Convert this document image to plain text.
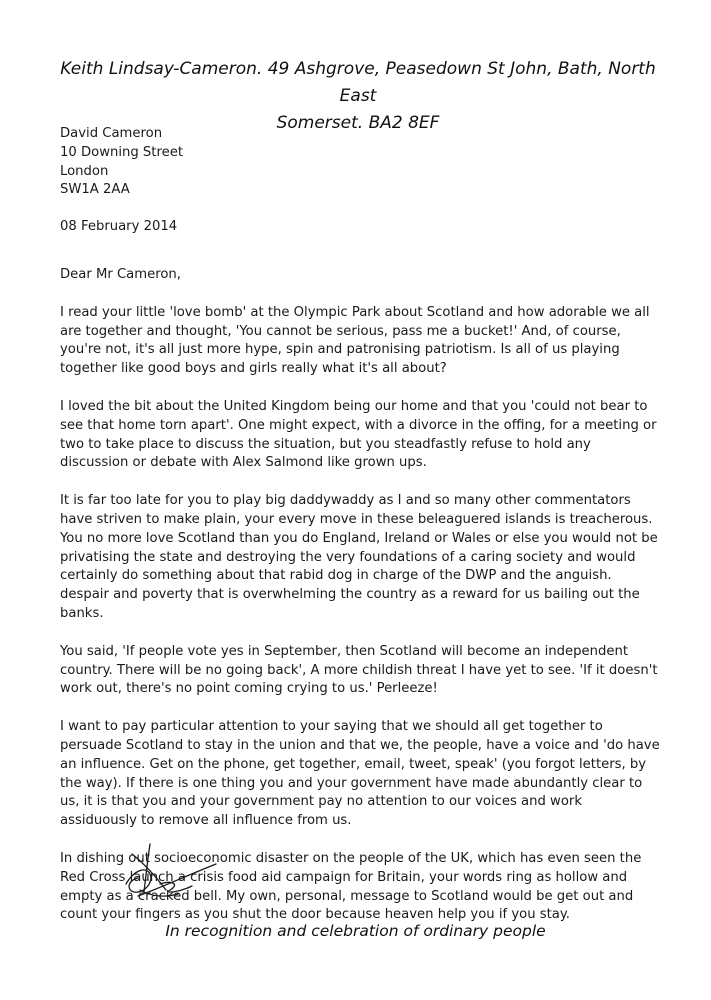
Keith Lindsay-Cameron. 49 Ashgrove, Peasedown St John, Bath, North East
Somerset. BA2 8EF

David Cameron
10 Downing Street
London
SW1A 2AA

08 February 2014

Dear Mr Cameron,

I read your little 'love bomb' at the Olympic Park about Scotland and how adorable we all are together and thought, 'You cannot be serious, pass me a bucket!' And, of course, you're not, it's all just more hype, spin and patronising patriotism. Is all of us playing together like good boys and girls really what it's all about?

I loved the bit about the United Kingdom being our home and that you 'could not bear to see that home torn apart'. One might expect, with a divorce in the offing, for a meeting or two to take place to discuss the situation, but you steadfastly refuse to hold any discussion or debate with Alex Salmond like grown ups.

It is far too late for you to play big daddywaddy as I and so many other commentators have striven to make plain, your every move in these beleaguered islands is treacherous. You no more love Scotland than you do England, Ireland or Wales or else you would not be privatising the state and destroying the very foundations of a caring society and would certainly do something about that rabid dog in charge of the DWP and the anguish. despair and poverty that is overwhelming the country as a reward for us bailing out the banks.

You said, 'If people vote yes in September, then Scotland will become an independent country. There will be no going back', A more childish threat I have yet to see. 'If it doesn't work out, there's no point coming crying to us.' Perleeze!

I want to pay particular attention to your saying that we should all get together to persuade Scotland to stay in the union and that we, the people, have a voice and 'do have an influence. Get on the phone, get together, email, tweet, speak' (you forgot letters, by the way). If there is one thing you and your government have made abundantly clear to us, it is that you and your government pay no attention to our voices and work assiduously to remove all influence from us.

In dishing out socioeconomic disaster on the people of the UK, which has even seen the Red Cross launch a crisis food aid campaign for Britain, your words ring as hollow and empty as a cracked bell. My own, personal, message to Scotland would be get out and count your fingers as you shut the door because heaven help you if you stay.

In recognition and celebration of ordinary people
